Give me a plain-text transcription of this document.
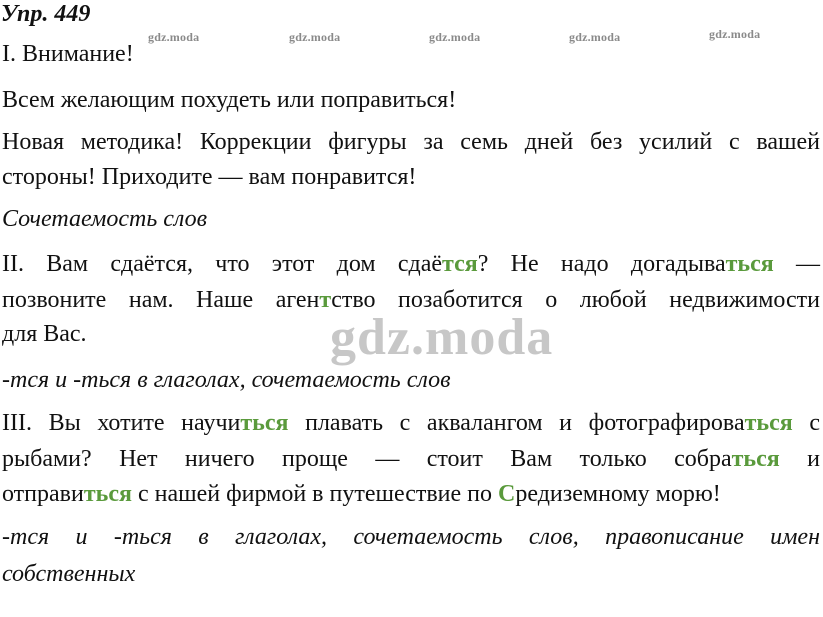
Упр. 449
gdz.moda	gdz.moda	gdz.moda	gdz.moda	gdz.moda
I. Внимание!
Всем желающим похудеть или поправиться!
Новая методика! Коррекции фигуры за семь дней без усилий с вашей
стороны! Приходите — вам понравится!
Сочетаемость слов
II. Вам сдаётся, что этот дом сдаётся? Не надо догадываться —
позвоните нам. Наше агентство позаботится о любой недвижимости
для Вас.
-тся и -ться в глаголах, сочетаемость слов
III. Вы хотите научиться плавать с аквалангом и фотографироваться с
рыбами? Нет ничего проще — стоит Вам только собраться и
отправиться с нашей фирмой в путешествие по Средиземному морю!
-тся и -ться в глаголах, сочетаемость слов, правописание имен
собственных
gdz.moda
